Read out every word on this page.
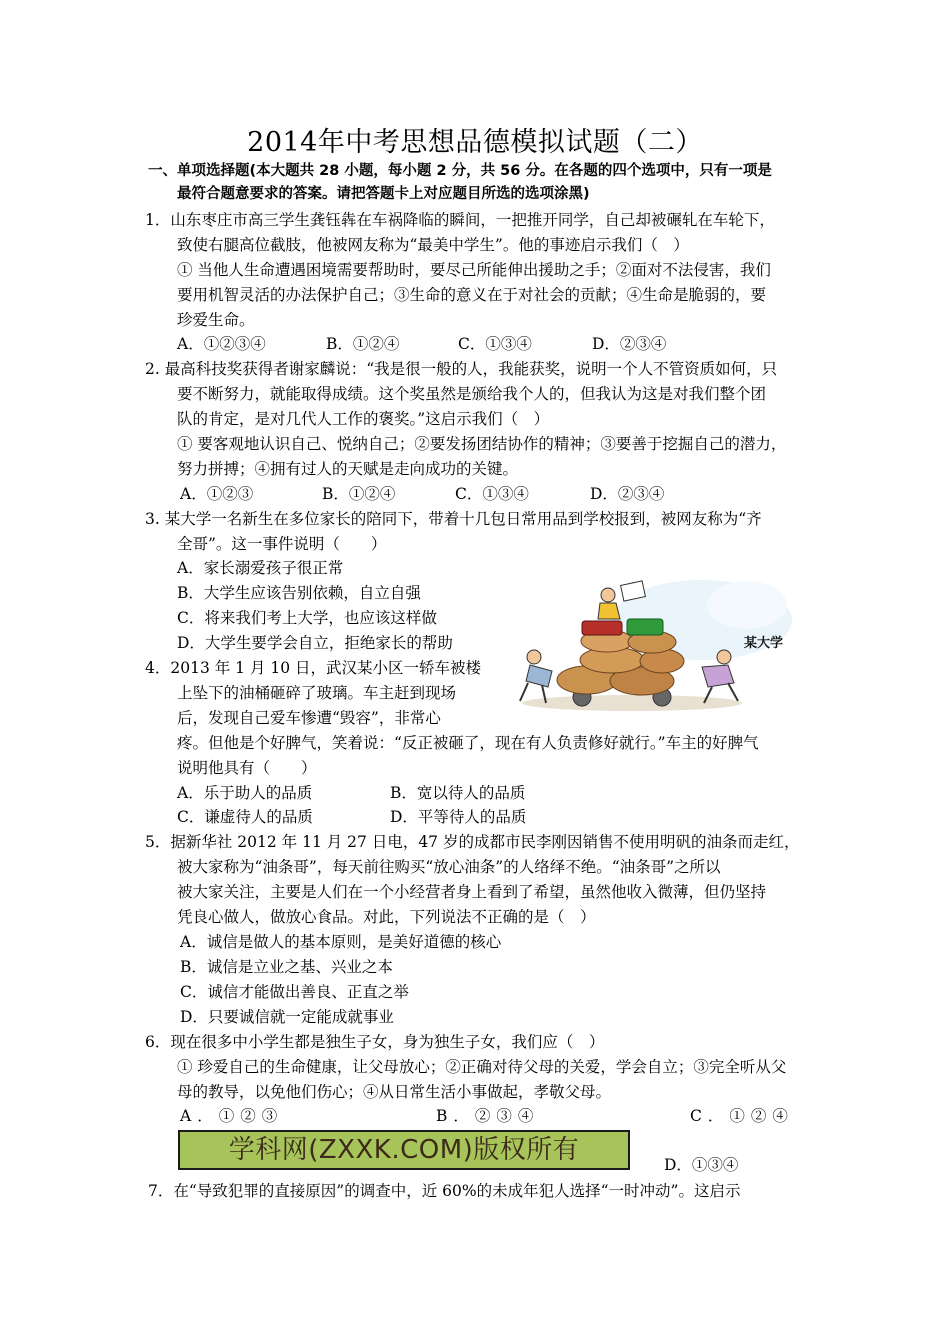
2014年中考思想品德模拟试题（二）
一、单项选择题(本大题共 28 小题，每小题 2 分，共 56 分。在各题的四个选项中，只有一项是
最符合题意要求的答案。请把答题卡上对应题目所选的选项涂黑)
1．山东枣庄市高三学生龚钰犇在车祸降临的瞬间，一把推开同学，自己却被碾轧在车轮下，
致使右腿高位截肢，他被网友称为“最美中学生”。他的事迹启示我们（　）
① 当他人生命遭遇困境需要帮助时，要尽己所能伸出援助之手；②面对不法侵害，我们
要用机智灵活的办法保护自己；③生命的意义在于对社会的贡献；④生命是脆弱的，要
珍爱生命。
A．①②③④	B．①②④	C．①③④	D．②③④
2. 最高科技奖获得者谢家麟说：“我是很一般的人，我能获奖，说明一个人不管资质如何，只
要不断努力，就能取得成绩。这个奖虽然是颁给我个人的，但我认为这是对我们整个团
队的肯定，是对几代人工作的褒奖。”这启示我们（　）
① 要客观地认识自己、悦纳自己；②要发扬团结协作的精神；③要善于挖掘自己的潜力，
努力拼搏；④拥有过人的天赋是走向成功的关键。
A．①②③	B．①②④	C．①③④	D．②③④
3. 某大学一名新生在多位家长的陪同下，带着十几包日常用品到学校报到，被网友称为“齐
全哥”。这一事件说明（　　）
A．家长溺爱孩子很正常
B．大学生应该告别依赖，自立自强
C．将来我们考上大学，也应该这样做
D．大学生要学会自立，拒绝家长的帮助	某大学
4．2013 年 1 月 10 日，武汉某小区一轿车被楼
上坠下的油桶砸碎了玻璃。车主赶到现场
后，发现自己爱车惨遭“毁容”，非常心
疼。但他是个好脾气，笑着说：“反正被砸了，现在有人负责修好就行。”车主的好脾气
说明他具有（　　）
A．乐于助人的品质	B．宽以待人的品质
C．谦虚待人的品质	D．平等待人的品质
5．据新华社 2012 年 11 月 27 日电，47 岁的成都市民李刚因销售不使用明矾的油条而走红，
被大家称为“油条哥”，每天前往购买“放心油条”的人络绎不绝。“油条哥”之所以
被大家关注，主要是人们在一个小经营者身上看到了希望，虽然他收入微薄，但仍坚持
凭良心做人，做放心食品。对此，下列说法不正确的是（　）
A．诚信是做人的基本原则，是美好道德的核心
B．诚信是立业之基、兴业之本
C．诚信才能做出善良、正直之举
D．只要诚信就一定能成就事业
6．现在很多中小学生都是独生子女，身为独生子女，我们应（　）
① 珍爱自己的生命健康，让父母放心；②正确对待父母的关爱，学会自立；③完全听从父
母的教导，以免他们伤心；④从日常生活小事做起，孝敬父母。
A．①②③	B．②③④	C．①②④
学科网(ZXXK.COM)版权所有	D．①③④
7．在“导致犯罪的直接原因”的调查中，近 60%的未成年犯人选择“一时冲动”。这启示
